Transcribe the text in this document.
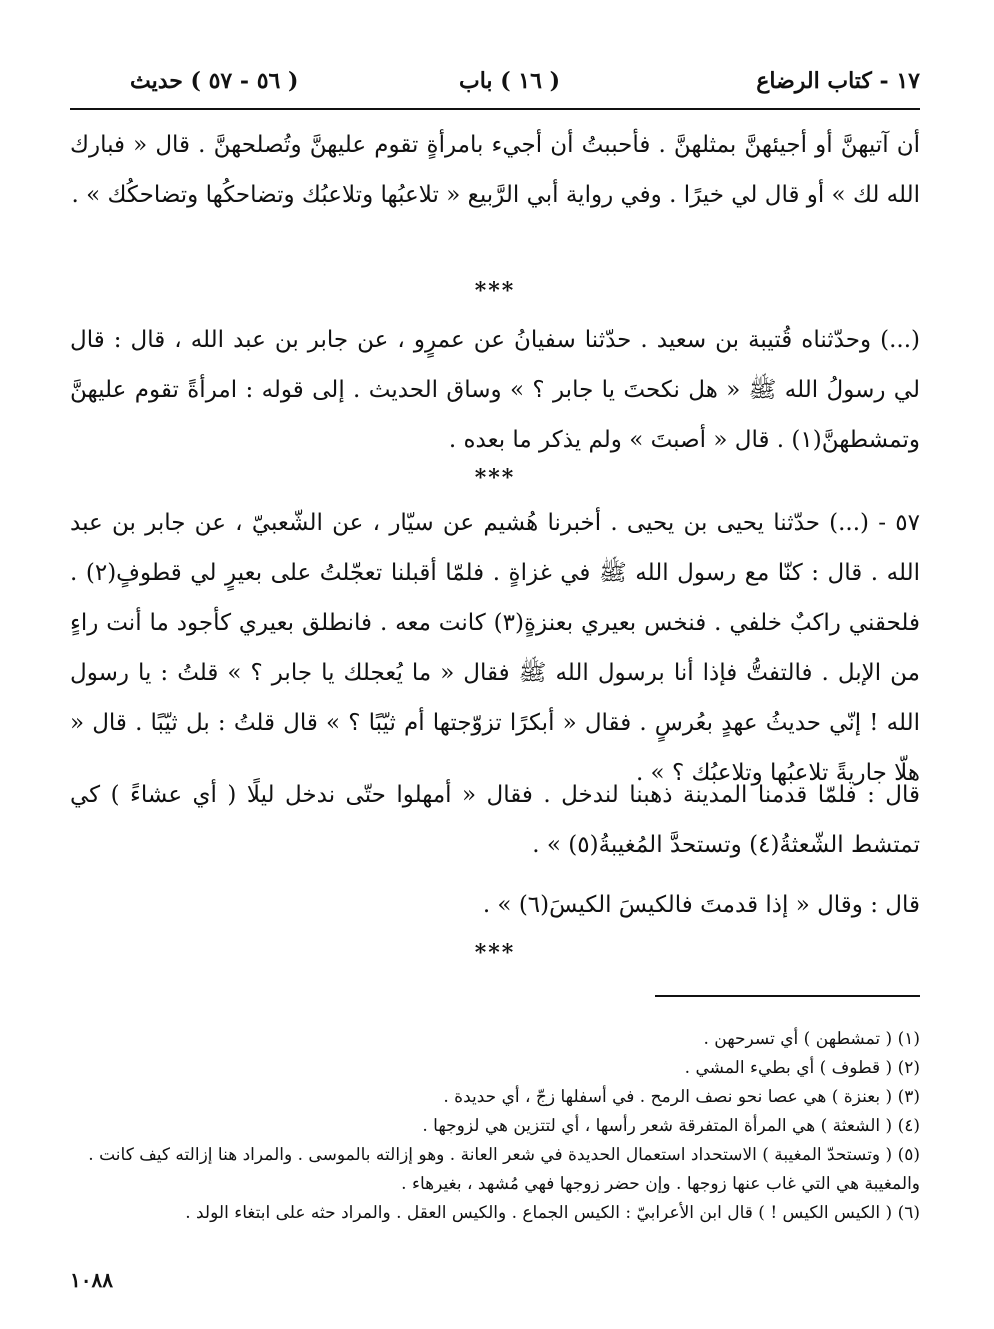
١٧ - كتاب الرضاع
( ١٦ ) باب
( ٥٦ - ٥٧ ) حديث
أن آتيهنَّ أو أجيئهنَّ بمثلهنَّ . فأحببتُ أن أجيء بامرأةٍ تقوم عليهنَّ وتُصلحهنَّ . قال « فبارك الله لك » أو قال لي خيرًا . وفي رواية أبي الرَّبيع « تلاعبُها وتلاعبُك وتضاحكُها وتضاحكُك » .
***
(...) وحدّثناه قُتيبة بن سعيد . حدّثنا سفيانُ عن عمرٍو ، عن جابر بن عبد الله ، قال : قال لي رسولُ الله ﷺ « هل نكحتَ يا جابر ؟ » وساق الحديث . إلى قوله : امرأةً تقوم عليهنَّ وتمشطهنَّ(١) . قال « أصبتَ » ولم يذكر ما بعده .
***
٥٧ - (...) حدّثنا يحيى بن يحيى . أخبرنا هُشيم عن سيّار ، عن الشّعبيّ ، عن جابر بن عبد الله . قال : كنّا مع رسول الله ﷺ في غزاةٍ . فلمّا أقبلنا تعجّلتُ على بعيرٍ لي قطوفٍ(٢) . فلحقني راكبٌ خلفي . فنخس بعيري بعنزةٍ(٣) كانت معه . فانطلق بعيري كأجود ما أنت راءٍ من الإبل . فالتفتُّ فإذا أنا برسول الله ﷺ فقال « ما يُعجلك يا جابر ؟ » قلتُ : يا رسول الله ! إنّي حديثُ عهدٍ بعُرسٍ . فقال « أبكرًا تزوّجتها أم ثيّبًا ؟ » قال قلتُ : بل ثيّبًا . قال « هلّا جاريةً تلاعبُها وتلاعبُك ؟ » .
قال : فلمّا قدمنا المدينة ذهبنا لندخل . فقال « أمهلوا حتّى ندخل ليلًا ( أي عشاءً ) كي تمتشط الشّعثةُ(٤) وتستحدَّ المُغيبةُ(٥) » .
قال : وقال « إذا قدمتَ فالكيسَ الكيسَ(٦) » .
***

(١) ( تمشطهن ) أي تسرحهن .

(٢) ( قطوف ) أي بطيء المشي .

(٣) ( بعنزة ) هي عصا نحو نصف الرمح . في أسفلها زجّ ، أي حديدة .

(٤) ( الشعثة ) هي المرأة المتفرقة شعر رأسها ، أي لتتزين هي لزوجها .

(٥) ( وتستحدّ المغيبة ) الاستحداد استعمال الحديدة في شعر العانة . وهو إزالته بالموسى . والمراد هنا إزالته كيف كانت . والمغيبة هي التي غاب عنها زوجها . وإن حضر زوجها فهي مُشهد ، بغيرهاء .

(٦) ( الكيس الكيس ! ) قال ابن الأعرابيّ : الكيس الجماع . والكيس العقل . والمراد حثه على ابتغاء الولد .

١٠٨٨
